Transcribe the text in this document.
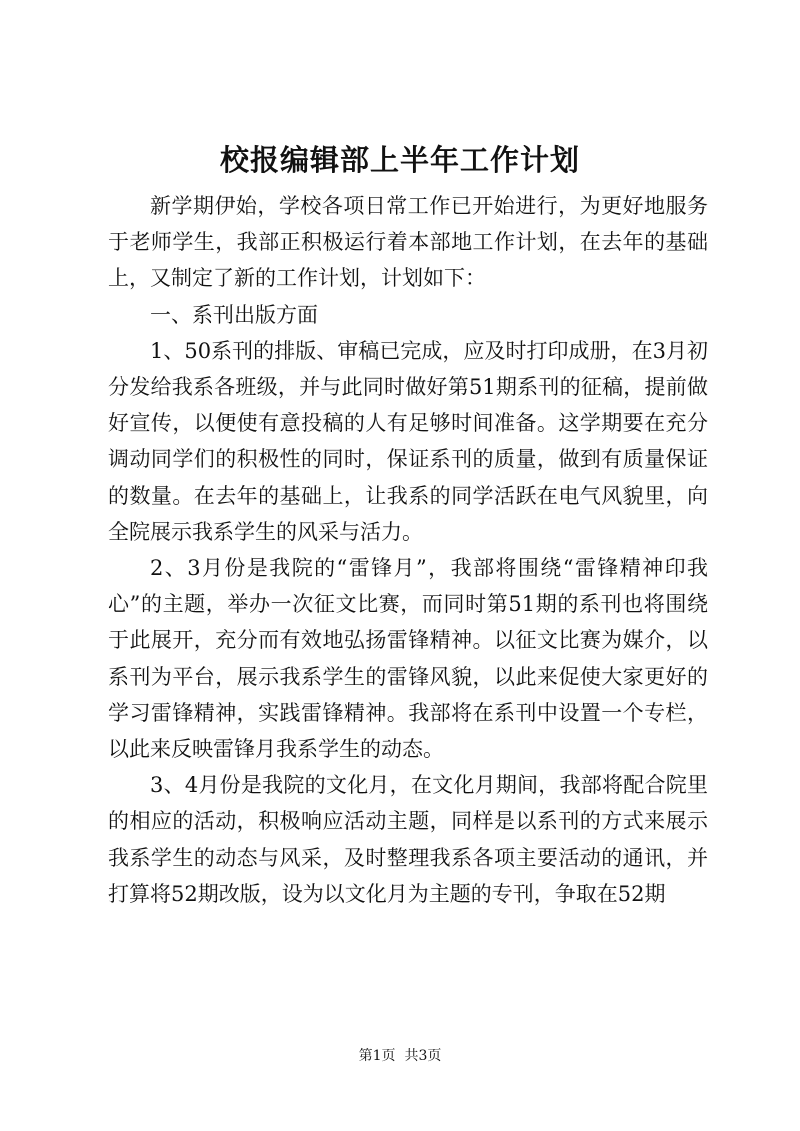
校报编辑部上半年工作计划

新学期伊始，学校各项日常工作已开始进行，为更好地服务于老师学生，我部正积极运行着本部地工作计划，在去年的基础上，又制定了新的工作计划，计划如下：

一、系刊出版方面

1、50系刊的排版、审稿已完成，应及时打印成册，在3月初分发给我系各班级，并与此同时做好第51期系刊的征稿，提前做好宣传，以便使有意投稿的人有足够时间准备。这学期要在充分调动同学们的积极性的同时，保证系刊的质量，做到有质量保证的数量。在去年的基础上，让我系的同学活跃在电气风貌里，向全院展示我系学生的风采与活力。

2、3月份是我院的“雷锋月”，我部将围绕“雷锋精神印我心”的主题，举办一次征文比赛，而同时第51期的系刊也将围绕于此展开，充分而有效地弘扬雷锋精神。以征文比赛为媒介，以系刊为平台，展示我系学生的雷锋风貌，以此来促使大家更好的学习雷锋精神，实践雷锋精神。我部将在系刊中设置一个专栏，以此来反映雷锋月我系学生的动态。

3、4月份是我院的文化月，在文化月期间，我部将配合院里的相应的活动，积极响应活动主题，同样是以系刊的方式来展示我系学生的动态与风采，及时整理我系各项主要活动的通讯，并打算将52期改版，设为以文化月为主题的专刊，争取在52期

第1页  共3页
